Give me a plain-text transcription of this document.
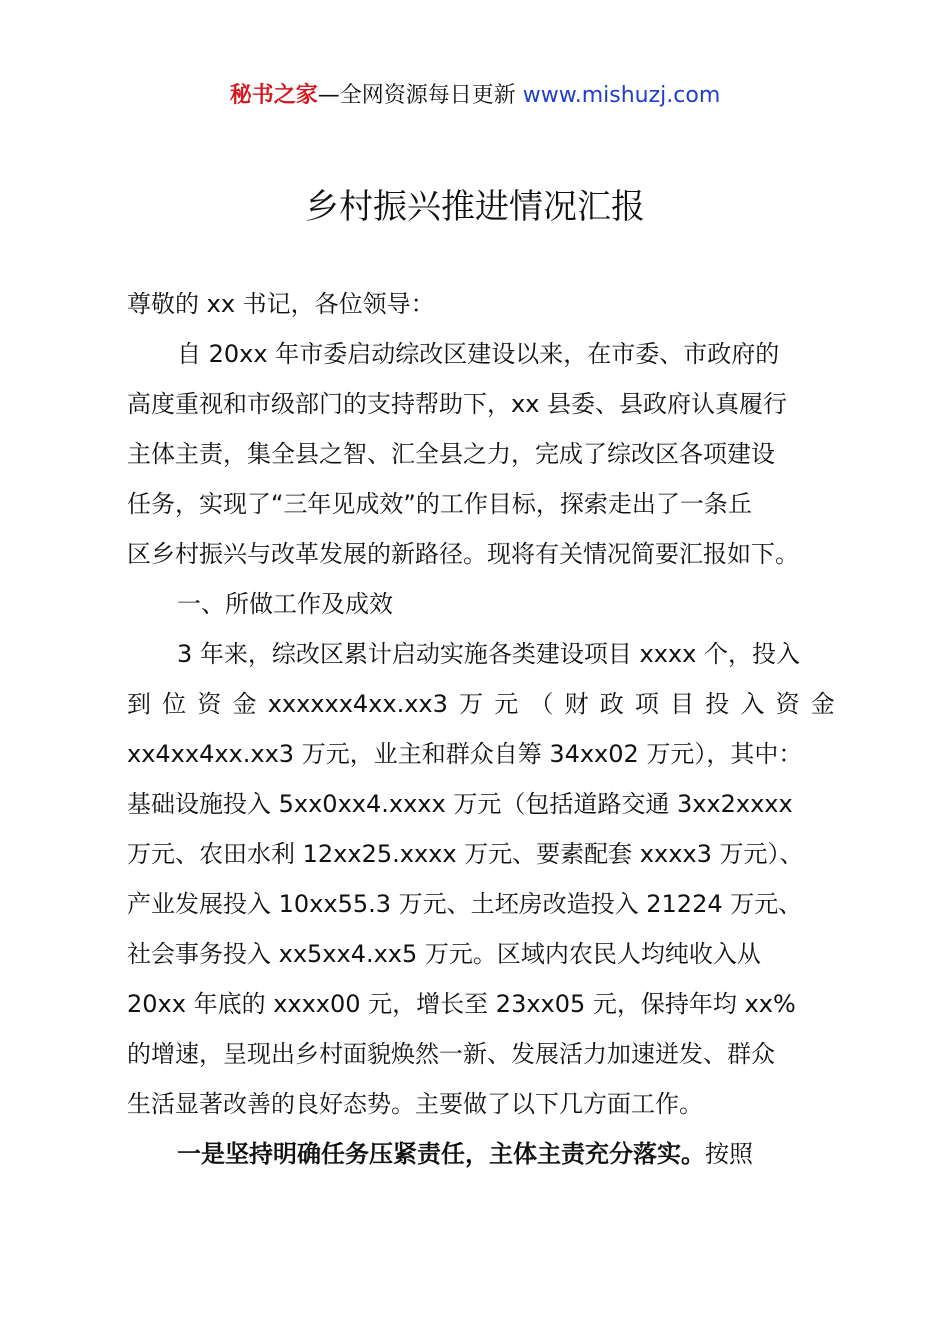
秘书之家—全网资源每日更新 www.mishuzj.com
乡村振兴推进情况汇报
尊敬的 xx 书记，各位领导：
自 20xx 年市委启动综改区建设以来，在市委、市政府的
高度重视和市级部门的支持帮助下，xx 县委、县政府认真履行
主体主责，集全县之智、汇全县之力，完成了综改区各项建设
任务，实现了“三年见成效”的工作目标，探索走出了一条丘
区乡村振兴与改革发展的新路径。现将有关情况简要汇报如下。
一、所做工作及成效
3 年来，综改区累计启动实施各类建设项目 xxxx 个，投入
到 位 资 金 xxxxxx4xx.xx3 万 元 （ 财 政 项 目 投 入 资 金
xx4xx4xx.xx3 万元，业主和群众自筹 34xx02 万元），其中：
基础设施投入 5xx0xx4.xxxx 万元（包括道路交通 3xx2xxxx
万元、农田水利 12xx25.xxxx 万元、要素配套 xxxx3 万元）、
产业发展投入 10xx55.3 万元、土坯房改造投入 21224 万元、
社会事务投入 xx5xx4.xx5 万元。区域内农民人均纯收入从
20xx 年底的 xxxx00 元，增长至 23xx05 元，保持年均 xx%
的增速，呈现出乡村面貌焕然一新、发展活力加速迸发、群众
生活显著改善的良好态势。主要做了以下几方面工作。
一是坚持明确任务压紧责任，主体主责充分落实。按照
